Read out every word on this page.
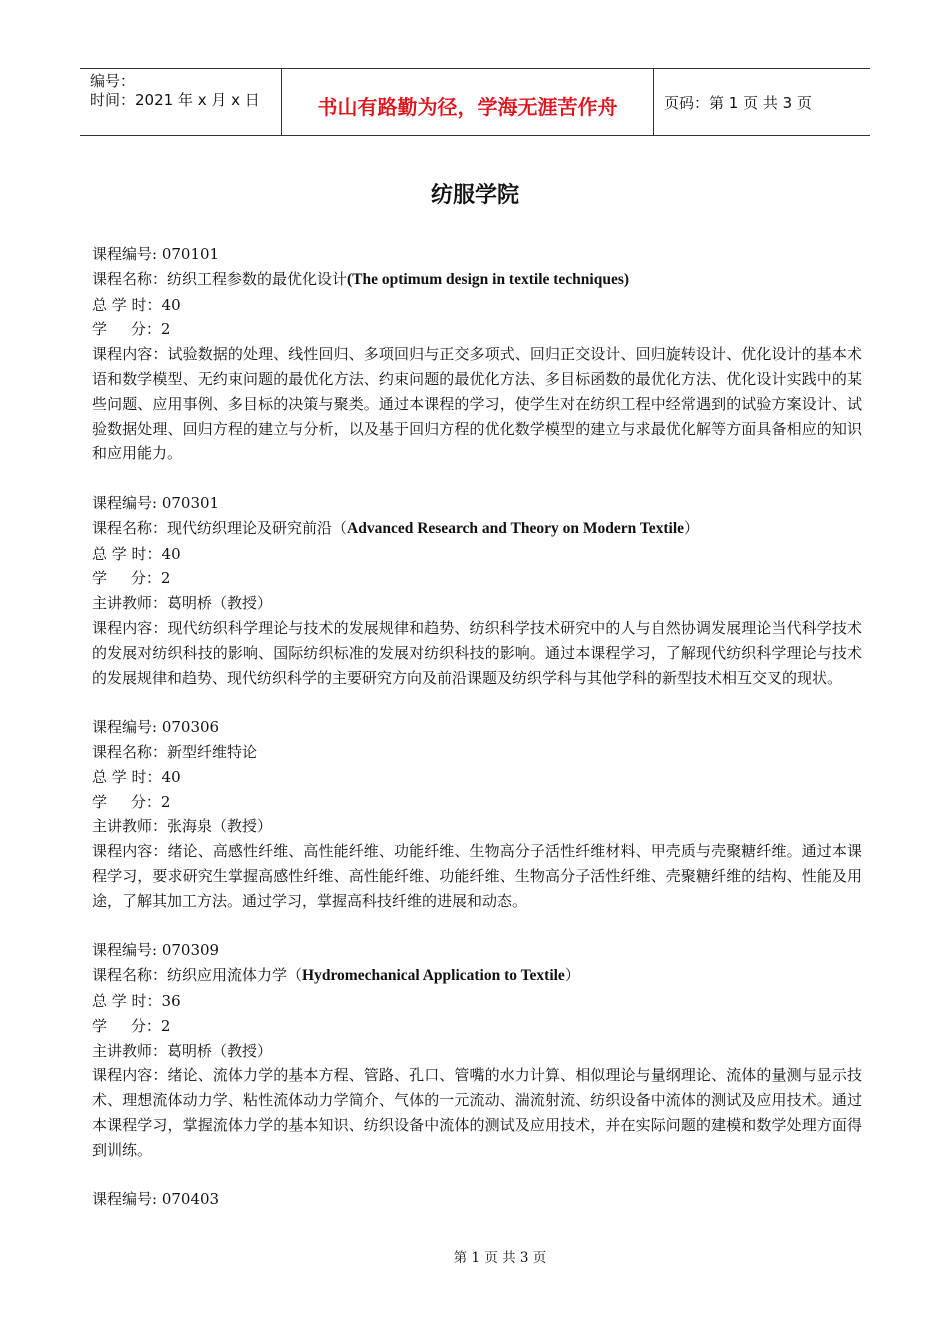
编号：
时间：2021 年 x 月 x 日	书山有路勤为径，学海无涯苦作舟	页码：第 1 页 共 3 页
纺服学院
课程编号: 070101
课程名称：纺织工程参数的最优化设计(The optimum design in textile techniques)
总 学 时：40
学     分：2
课程内容：试验数据的处理、线性回归、多项回归与正交多项式、回归正交设计、回归旋转设计、优化设计的基本术语和数学模型、无约束问题的最优化方法、约束问题的最优化方法、多目标函数的最优化方法、优化设计实践中的某些问题、应用事例、多目标的决策与聚类。通过本课程的学习，使学生对在纺织工程中经常遇到的试验方案设计、试验数据处理、回归方程的建立与分析，以及基于回归方程的优化数学模型的建立与求最优化解等方面具备相应的知识和应用能力。
课程编号: 070301
课程名称：现代纺织理论及研究前沿（Advanced Research and Theory on Modern Textile）
总 学 时：40
学     分：2
主讲教师：葛明桥（教授）
课程内容：现代纺织科学理论与技术的发展规律和趋势、纺织科学技术研究中的人与自然协调发展理论当代科学技术的发展对纺织科技的影响、国际纺织标准的发展对纺织科技的影响。通过本课程学习，了解现代纺织科学理论与技术的发展规律和趋势、现代纺织科学的主要研究方向及前沿课题及纺织学科与其他学科的新型技术相互交叉的现状。
课程编号: 070306
课程名称：新型纤维特论
总 学 时：40
学     分：2
主讲教师：张海泉（教授）
课程内容：绪论、高感性纤维、高性能纤维、功能纤维、生物高分子活性纤维材料、甲壳质与壳聚糖纤维。通过本课程学习，要求研究生掌握高感性纤维、高性能纤维、功能纤维、生物高分子活性纤维、壳聚糖纤维的结构、性能及用途，了解其加工方法。通过学习，掌握高科技纤维的进展和动态。
课程编号: 070309
课程名称：纺织应用流体力学（Hydromechanical Application to Textile）
总 学 时：36
学     分：2
主讲教师：葛明桥（教授）
课程内容：绪论、流体力学的基本方程、管路、孔口、管嘴的水力计算、相似理论与量纲理论、流体的量测与显示技术、理想流体动力学、粘性流体动力学简介、气体的一元流动、湍流射流、纺织设备中流体的测试及应用技术。通过本课程学习，掌握流体力学的基本知识、纺织设备中流体的测试及应用技术，并在实际问题的建模和数学处理方面得到训练。
课程编号: 070403
第 1 页 共 3 页
